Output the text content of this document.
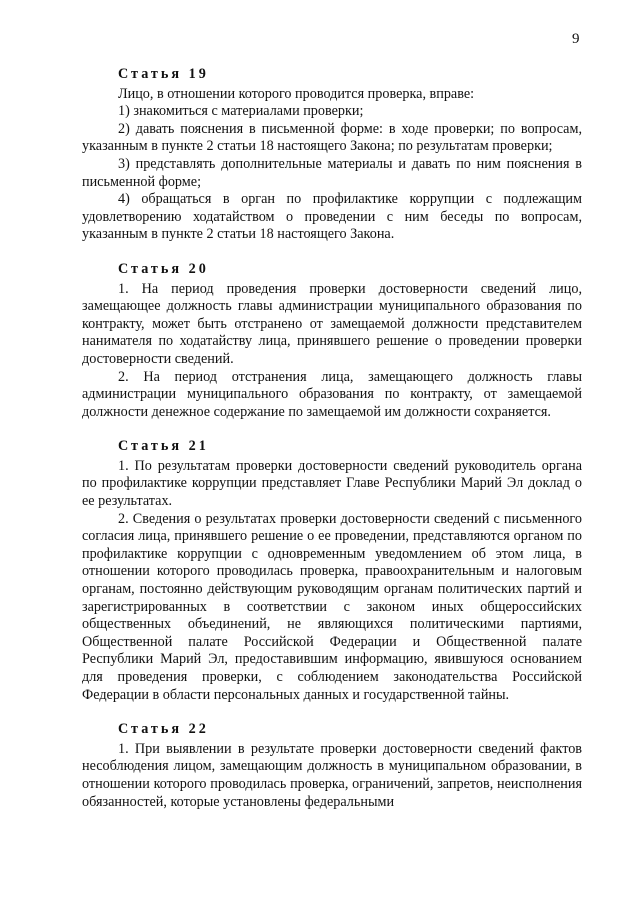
9
Статья 19

Лицо, в отношении которого проводится проверка, вправе:

1) знакомиться с материалами проверки;

2) давать пояснения в письменной форме: в ходе проверки; по вопросам, указанным в пункте 2 статьи 18 настоящего Закона; по результатам проверки;

3) представлять дополнительные материалы и давать по ним пояснения в письменной форме;

4) обращаться в орган по профилактике коррупции с подлежащим удовлетворению ходатайством о проведении с ним беседы по вопросам, указанным в пункте 2 статьи 18 настоящего Закона.

Статья 20

1. На период проведения проверки достоверности сведений лицо, замещающее должность главы администрации муниципального образования по контракту, может быть отстранено от замещаемой должности представителем нанимателя по ходатайству лица, принявшего решение о проведении проверки достоверности сведений.

2. На период отстранения лица, замещающего должность главы администрации муниципального образования по контракту, от замещаемой должности денежное содержание по замещаемой им должности сохраняется.

Статья 21

1. По результатам проверки достоверности сведений руководитель органа по профилактике коррупции представляет Главе Республики Марий Эл доклад о ее результатах.

2. Сведения о результатах проверки достоверности сведений с письменного согласия лица, принявшего решение о ее проведении, представляются органом по профилактике коррупции с одновременным уведомлением об этом лица, в отношении которого проводилась проверка, правоохранительным и налоговым органам, постоянно действующим руководящим органам политических партий и зарегистрированных в соответствии с законом иных общероссийских общественных объединений, не являющихся политическими партиями, Общественной палате Российской Федерации и Общественной палате Республики Марий Эл, предоставившим информацию, явившуюся основанием для проведения проверки, с соблюдением законодательства Российской Федерации в области персональных данных и государственной тайны.

Статья 22

1. При выявлении в результате проверки достоверности сведений фактов несоблюдения лицом, замещающим должность в муниципальном образовании, в отношении которого проводилась проверка, ограничений, запретов, неисполнения обязанностей, которые установлены федеральными
